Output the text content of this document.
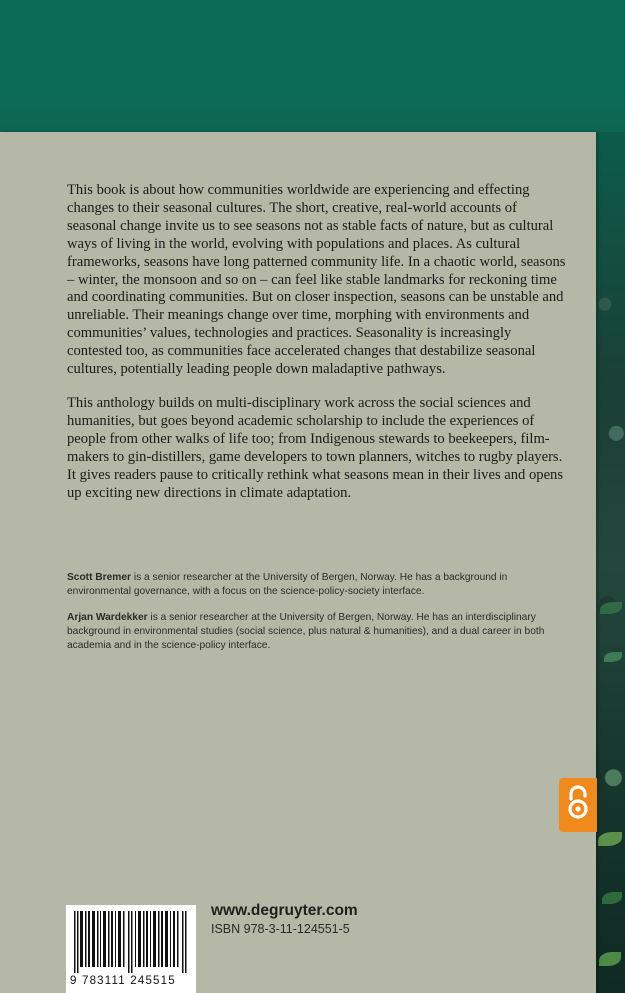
This book is about how communities worldwide are experiencing and effecting changes to their seasonal cultures. The short, creative, real-world accounts of seasonal change invite us to see seasons not as stable facts of nature, but as cultural ways of living in the world, evolving with populations and places. As cultural frameworks, seasons have long patterned community life. In a chaotic world, seasons – winter, the monsoon and so on – can feel like stable landmarks for reckoning time and coordinating communities. But on closer inspection, seasons can be unstable and unreliable. Their meanings change over time, morphing with environments and communities’ values, technologies and practices. Seasonality is increasingly contested too, as communities face accelerated changes that destabilize seasonal cultures, potentially leading people down maladaptive pathways.

This anthology builds on multi-disciplinary work across the social sciences and humanities, but goes beyond academic scholarship to include the experiences of people from other walks of life too; from Indigenous stewards to beekeepers, film-makers to gin-distillers, game developers to town planners, witches to rugby players. It gives readers pause to critically rethink what seasons mean in their lives and opens up exciting new directions in climate adaptation.

Scott Bremer is a senior researcher at the University of Bergen, Norway. He has a background in environmental governance, with a focus on the science-policy-society interface.

Arjan Wardekker is a senior researcher at the University of Bergen, Norway. He has an interdisciplinary background in environmental studies (social science, plus natural & humanities), and a dual career in both academia and in the science-policy interface.

9 783111 245515
www.degruyter.com
ISBN 978-3-11-124551-5
